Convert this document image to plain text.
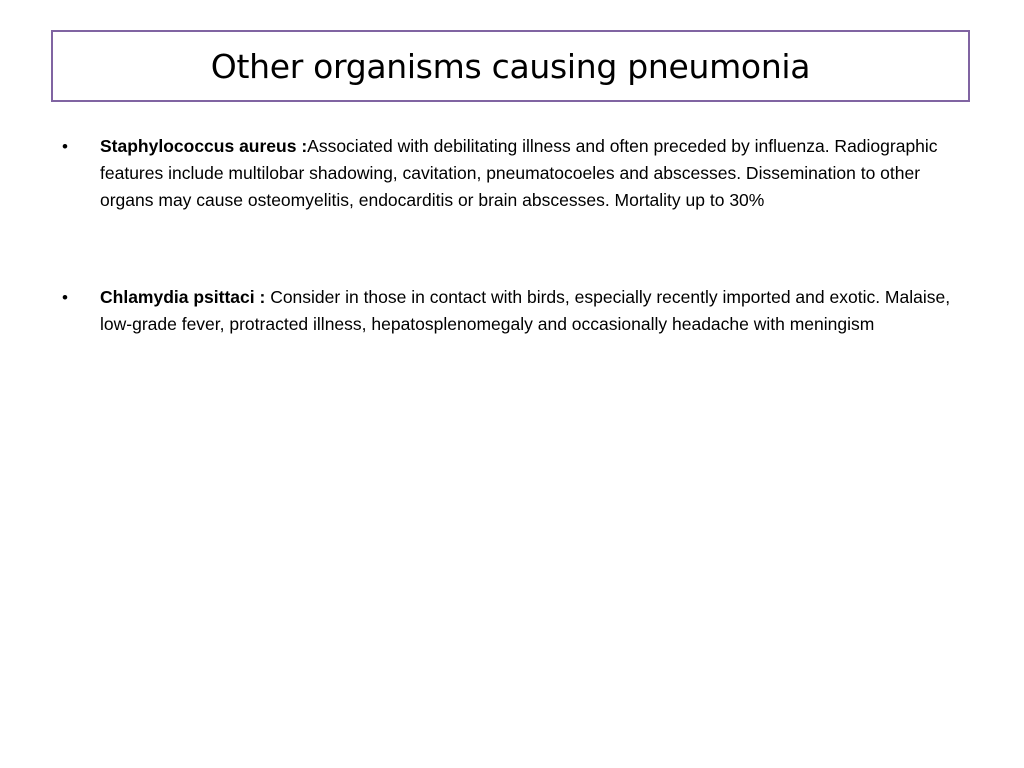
Other organisms causing pneumonia
•	Staphylococcus aureus :Associated with debilitating illness and often preceded by influenza. Radiographic features include multilobar shadowing, cavitation, pneumatocoeles and abscesses. Dissemination to other organs may cause osteomyelitis, endocarditis or brain abscesses. Mortality up to 30%
•	Chlamydia psittaci : Consider in those in contact with birds, especially recently imported and exotic. Malaise, low-grade fever, protracted illness, hepatosplenomegaly and occasionally headache with meningism
